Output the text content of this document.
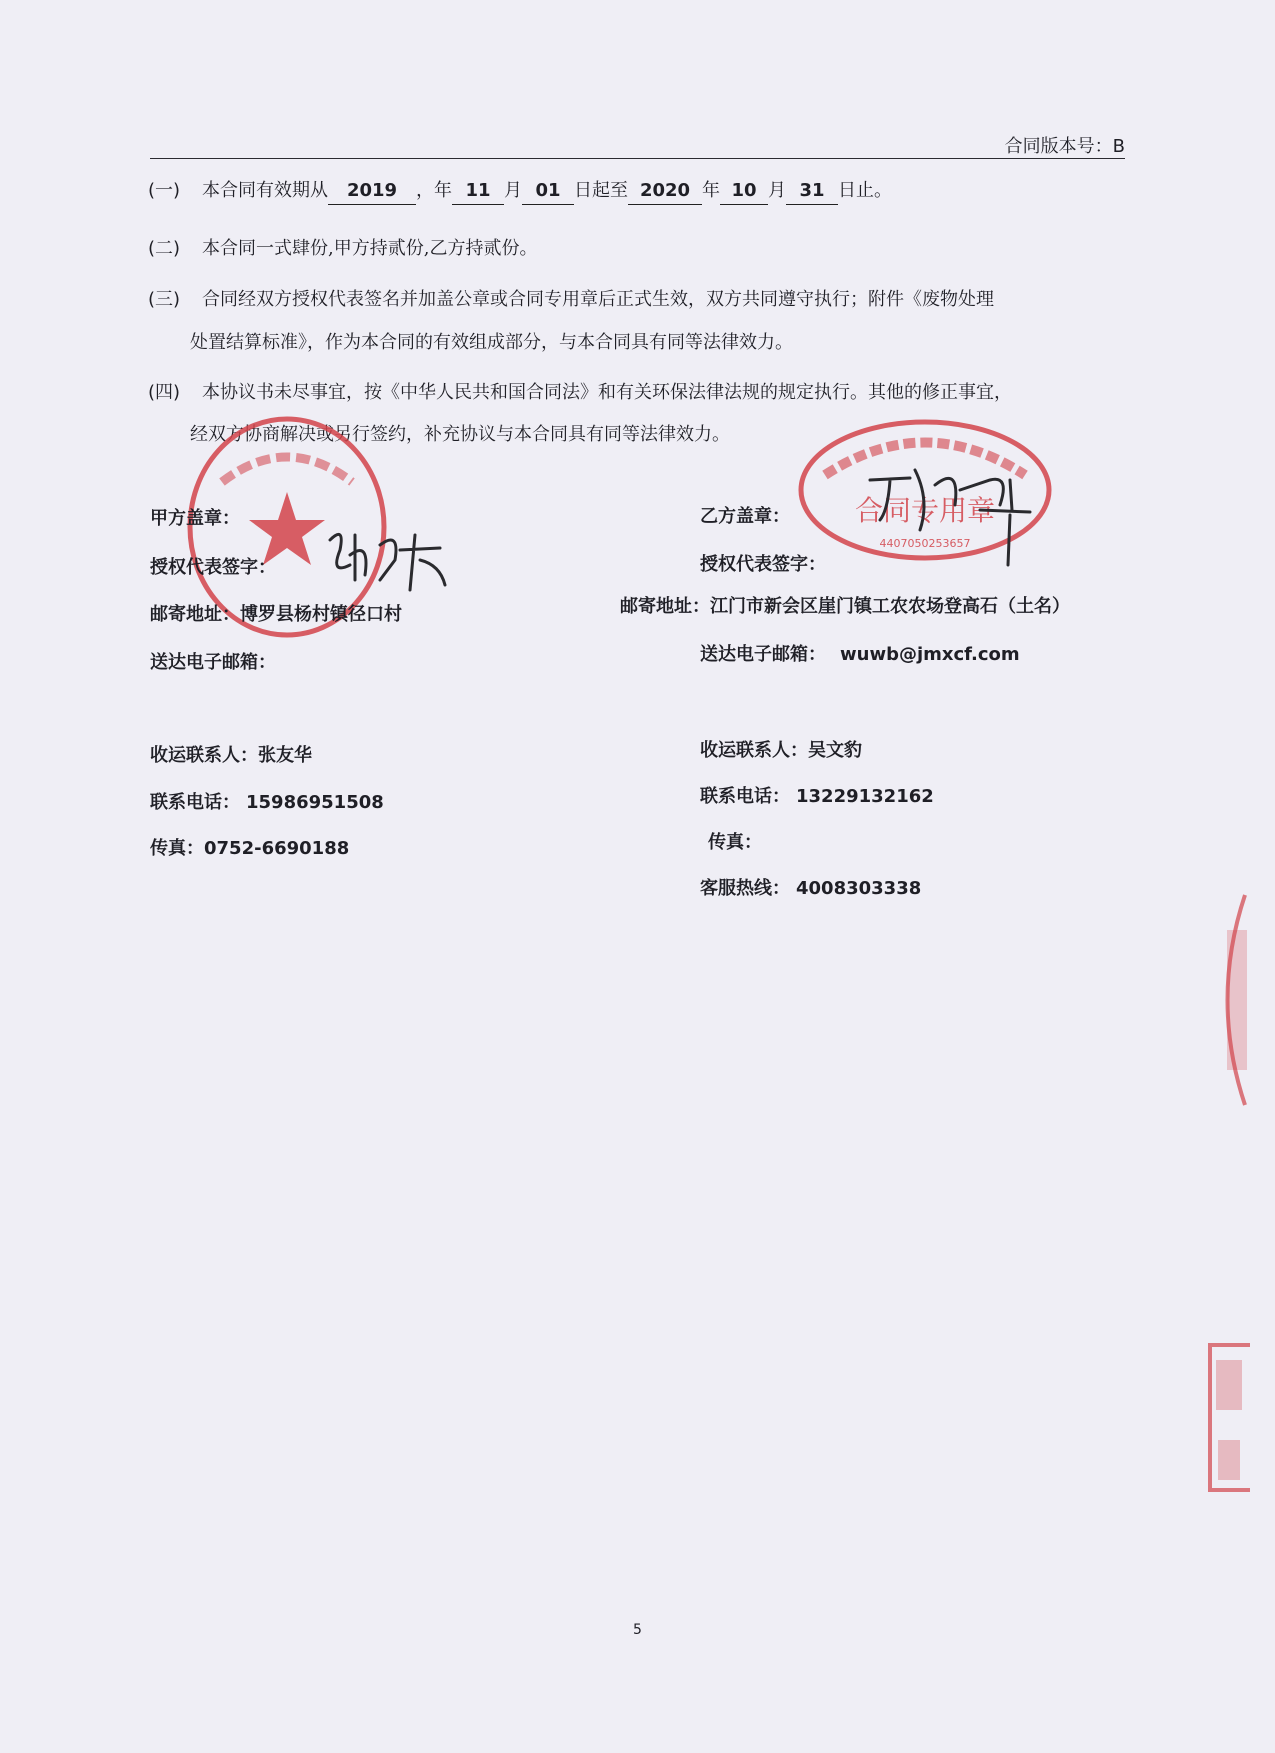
合同版本号：B
(一) 本合同有效期从 2019 ，年 11 月 01 日起至 2020 年 10 月 31 日止。
(二) 本合同一式肆份,甲方持贰份,乙方持贰份。
(三) 合同经双方授权代表签名并加盖公章或合同专用章后正式生效，双方共同遵守执行；附件《废物处理
处置结算标准》，作为本合同的有效组成部分，与本合同具有同等法律效力。
(四) 本协议书未尽事宜，按《中华人民共和国合同法》和有关环保法律法规的规定执行。其他的修正事宜，
经双方协商解决或另行签约，补充协议与本合同具有同等法律效力。
合同专用章
4407050253657
甲方盖章：
授权代表签字：
邮寄地址：博罗县杨村镇径口村
送达电子邮箱：
收运联系人：张友华
联系电话： 15986951508
传真：0752-6690188
乙方盖章：
授权代表签字：
邮寄地址：江门市新会区崖门镇工农农场登高石（土名）
送达电子邮箱： wuwb@jmxcf.com
收运联系人：吴文豹
联系电话： 13229132162
传真：
客服热线： 4008303338
5
